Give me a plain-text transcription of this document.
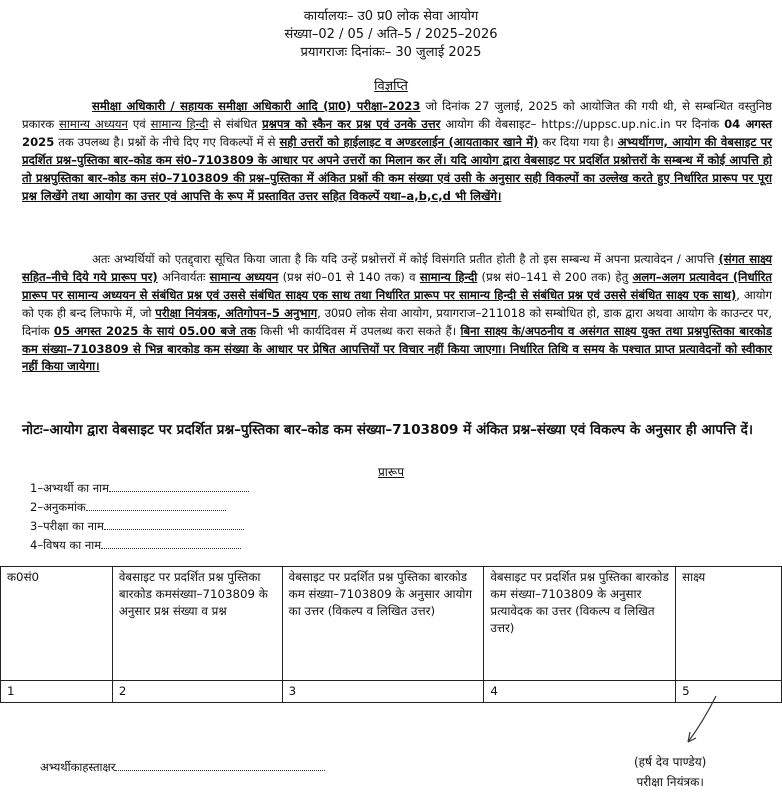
कार्यालयः– उ0 प्र0 लोक सेवा आयोग
संख्या–02 / 05 / अति–5 / 2025–2026
प्रयागराजः दिनांकः– 30 जुलाई 2025
विज्ञप्ति
समीक्षा अधिकारी / सहायक समीक्षा अधिकारी आदि (प्रा0) परीक्षा–2023 जो दिनांक 27 जुलाई, 2025 को आयोजित की गयी थी, से सम्बन्धित वस्तुनिष्ठ प्रकारक सामान्य अध्ययन एवं सामान्य हिन्दी से संबंधित प्रश्नपत्र को स्कैन कर प्रश्न एवं उनके उत्तर आयोग की वेबसाइट– https://uppsc.up.nic.in पर दिनांक 04 अगस्त 2025 तक उपलब्ध है। प्रश्नों के नीचे दिए गए विकल्पों में से सही उत्तरों को हाईलाइट व अण्डरलाईन (आयताकार खाने में) कर दिया गया है। अभ्यर्थीगण, आयोग की वेबसाइट पर प्रदर्शित प्रश्न–पुस्तिका बार–कोड कम सं0–7103809 के आधार पर अपने उत्तरों का मिलान कर लें। यदि आयोग द्वारा वेबसाइट पर प्रदर्शित प्रश्नोत्तरों के सम्बन्ध में कोई आपत्ति हो तो प्रश्नपुस्तिका बार–कोड कम सं0–7103809 की प्रश्न–पुस्तिका में अंकित प्रश्नों की कम संख्या एवं उसी के अनुसार सही विकल्पों का उल्लेख करते हुए निर्धारित प्रारूप पर पूरा प्रश्न लिखेंगे तथा आयोग का उत्तर एवं आपत्ति के रूप में प्रस्तावित उत्तर सहित विकल्पें यथा–a,b,c,d भी लिखेंगे।
अतः अभ्यर्थियों को एतद्द्वारा सूचित किया जाता है कि यदि उन्हें प्रश्नोत्तरों में कोई विसंगति प्रतीत होती है तो इस सम्बन्ध में अपना प्रत्यावेदन / आपत्ति (संगत साक्ष्य सहित–नीचे दिये गये प्रारूप पर) अनिवार्यतः सामान्य अध्ययन (प्रश्न सं0–01 से 140 तक) व सामान्य हिन्दी (प्रश्न सं0–141 से 200 तक) हेतु अलग–अलग प्रत्यावेदन (निर्धारित प्रारूप पर सामान्य अध्ययन से संबंधित प्रश्न एवं उससे संबंधित साक्ष्य एक साथ तथा निर्धारित प्रारूप पर सामान्य हिन्दी से संबंधित प्रश्न एवं उससे संबंधित साक्ष्य एक साथ), आयोग को एक ही बन्द लिफाफे में, जो परीक्षा नियंत्रक, अतिगोपन–5 अनुभाग, उ0प्र0 लोक सेवा आयोग, प्रयागराज–211018 को सम्बोधित हो, डाक द्वारा अथवा आयोग के काउन्टर पर, दिनांक 05 अगस्त 2025 के सायं 05.00 बजे तक किसी भी कार्यदिवस में उपलब्ध करा सकते हैं। बिना साक्ष्य के/अपठनीय व असंगत साक्ष्य युक्त तथा प्रश्नपुस्तिका बारकोड कम संख्या–7103809 से भिन्न बारकोड कम संख्या के आधार पर प्रेषित आपत्तियों पर विचार नहीं किया जाएगा। निर्धारित तिथि व समय के पश्चात प्राप्त प्रत्यावेदनों को स्वीकार नहीं किया जायेगा।
नोटः–आयोग द्वारा वेबसाइट पर प्रदर्शित प्रश्न–पुस्तिका बार–कोड कम संख्या–7103809 में अंकित प्रश्न–संख्या एवं विकल्प के अनुसार ही आपत्ति दें।
प्रारूप
1–अभ्यर्थी का नाम
2–अनुकमांक
3–परीक्षा का नाम
4–विषय का नाम
क0सं0	वेबसाइट पर प्रदर्शित प्रश्न पुस्तिका बारकोड कमसंख्या–7103809 के अनुसार प्रश्न संख्या व प्रश्न	वेबसाइट पर प्रदर्शित प्रश्न पुस्तिका बारकोड कम संख्या–7103809 के अनुसार आयोग का उत्तर (विकल्प व लिखित उत्तर)	वेबसाइट पर प्रदर्शित प्रश्न पुस्तिका बारकोड कम संख्या–7103809 के अनुसार प्रत्यावेदक का उत्तर (विकल्प व लिखित उत्तर)	साक्ष्य
1	2	3	4	5
अभ्यर्थीकाहस्ताक्षर	(हर्ष देव पाण्डेय)
परीक्षा नियंत्रक।
